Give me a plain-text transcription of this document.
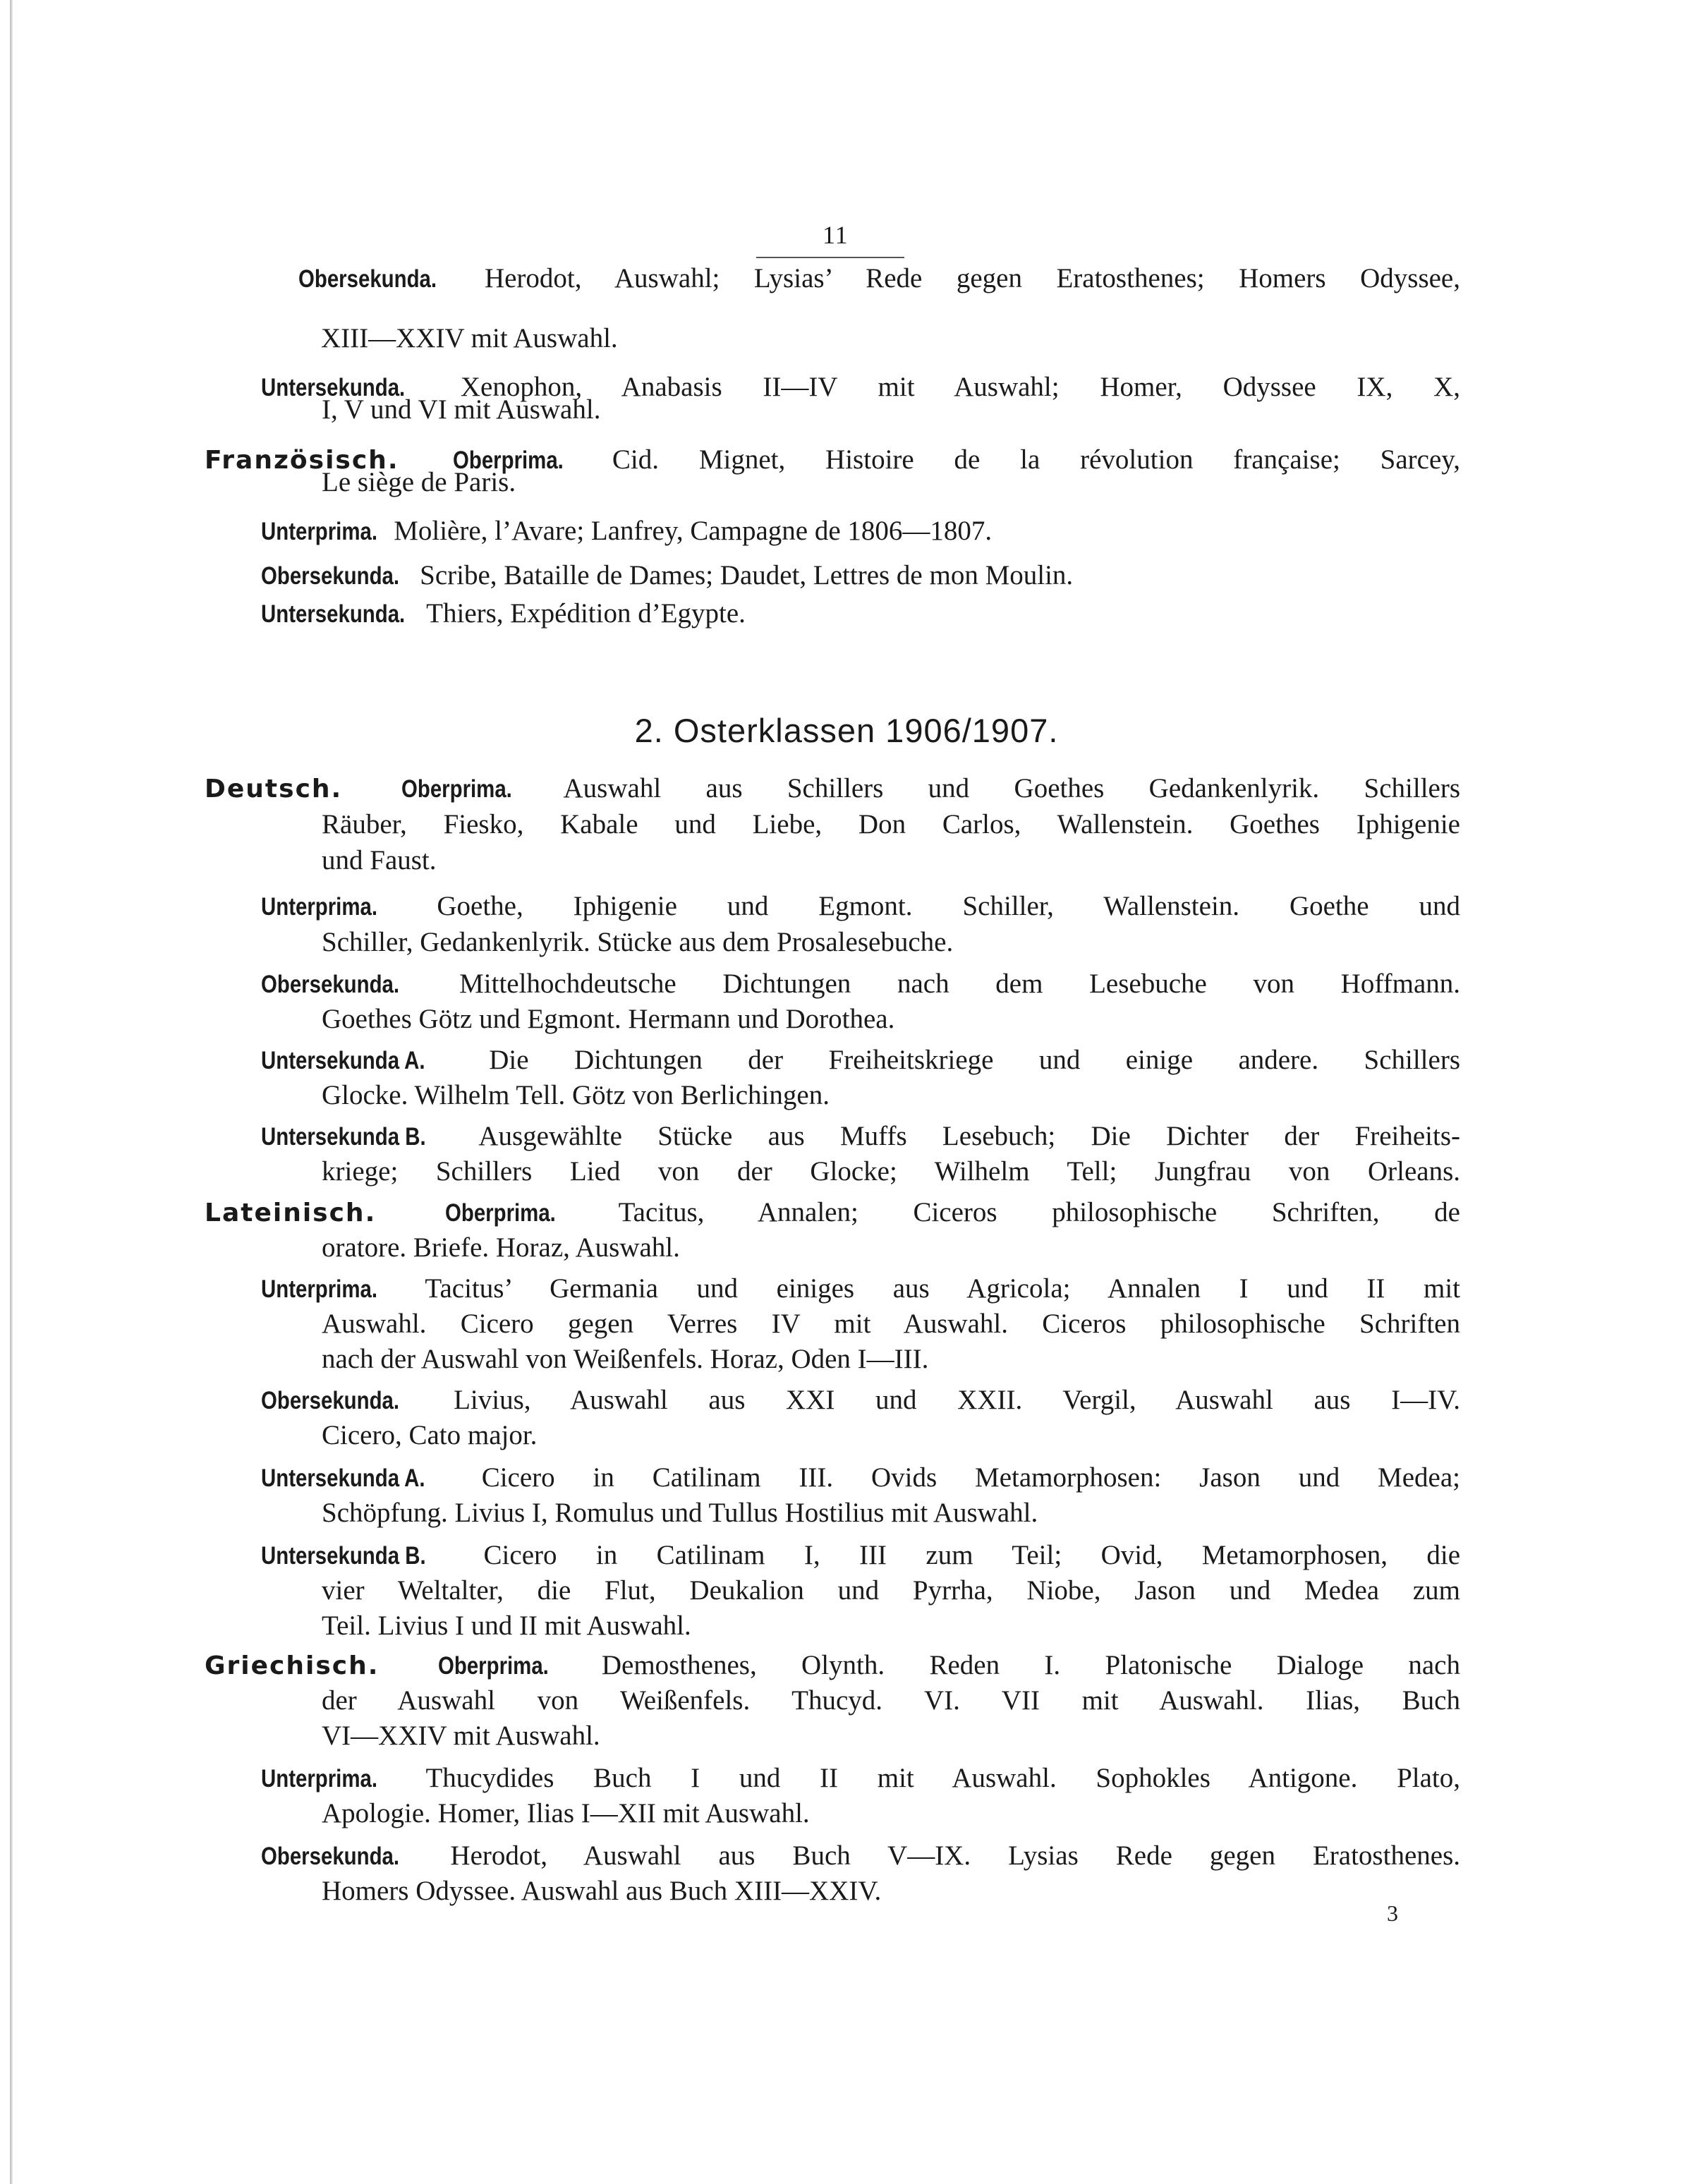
11
2. Osterklassen 1906/1907.
Obersekunda. Herodot, Auswahl; Lysias’ Rede gegen Eratosthenes; Homers Odyssee,
XIII—XXIV mit Auswahl.
Untersekunda. Xenophon, Anabasis II—IV mit Auswahl; Homer, Odyssee IX, X,
I, V und VI mit Auswahl.
Französisch. Oberprima. Cid. Mignet, Histoire de la révolution française; Sarcey,
Le siège de Paris.
Unterprima. Molière, l’Avare; Lanfrey, Campagne de 1806—1807.
Obersekunda. Scribe, Bataille de Dames; Daudet, Lettres de mon Moulin.
Untersekunda. Thiers, Expédition d’Egypte.
Deutsch. Oberprima. Auswahl aus Schillers und Goethes Gedankenlyrik. Schillers
Räuber, Fiesko, Kabale und Liebe, Don Carlos, Wallenstein. Goethes Iphigenie
und Faust.
Unterprima. Goethe, Iphigenie und Egmont. Schiller, Wallenstein. Goethe und
Schiller, Gedankenlyrik. Stücke aus dem Prosalesebuche.
Obersekunda. Mittelhochdeutsche Dichtungen nach dem Lesebuche von Hoffmann.
Goethes Götz und Egmont. Hermann und Dorothea.
Untersekunda A. Die Dichtungen der Freiheitskriege und einige andere. Schillers
Glocke. Wilhelm Tell. Götz von Berlichingen.
Untersekunda B. Ausgewählte Stücke aus Muffs Lesebuch; Die Dichter der Freiheits-
kriege; Schillers Lied von der Glocke; Wilhelm Tell; Jungfrau von Orleans.
Lateinisch.	Oberprima. Tacitus, Annalen; Ciceros philosophische Schriften, de
oratore. Briefe. Horaz, Auswahl.
Unterprima. Tacitus’ Germania und einiges aus Agricola; Annalen I und II mit
Auswahl. Cicero gegen Verres IV mit Auswahl. Ciceros philosophische Schriften
nach der Auswahl von Weißenfels. Horaz, Oden I—III.
Obersekunda. Livius, Auswahl aus XXI und XXII. Vergil, Auswahl aus I—IV.
Cicero, Cato major.
Untersekunda A. Cicero in Catilinam III. Ovids Metamorphosen: Jason und Medea;
Schöpfung. Livius I, Romulus und Tullus Hostilius mit Auswahl.
Untersekunda B. Cicero in Catilinam I, III zum Teil; Ovid, Metamorphosen, die
vier Weltalter, die Flut, Deukalion und Pyrrha, Niobe, Jason und Medea zum
Teil. Livius I und II mit Auswahl.
Griechisch. Oberprima. Demosthenes, Olynth. Reden I. Platonische Dialoge nach
der Auswahl von Weißenfels. Thucyd. VI. VII mit Auswahl. Ilias, Buch
VI—XXIV mit Auswahl.
Unterprima. Thucydides Buch I und II mit Auswahl. Sophokles Antigone. Plato,
Apologie. Homer, Ilias I—XII mit Auswahl.
Obersekunda. Herodot, Auswahl aus Buch V—IX. Lysias Rede gegen Eratosthenes.
Homers Odyssee. Auswahl aus Buch XIII—XXIV.
3
